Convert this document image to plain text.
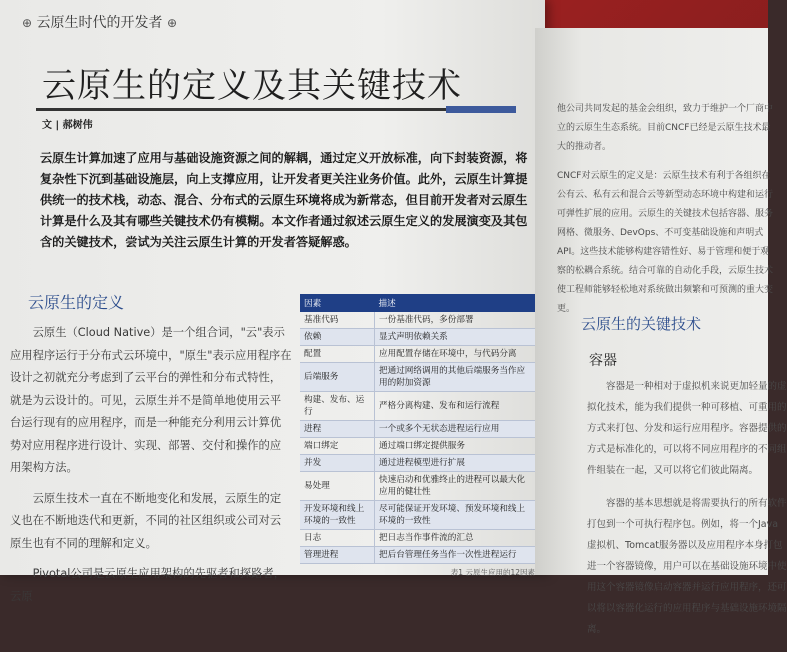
⊕ 云原生时代的开发者 ⊕
云原生的定义及其关键技术
文 | 郝树伟
云原生计算加速了应用与基础设施资源之间的解耦，通过定义开放标准，向下封装资源，将复杂性下沉到基础设施层，向上支撑应用，让开发者更关注业务价值。此外，云原生计算提供统一的技术栈，动态、混合、分布式的云原生环境将成为新常态，但目前开发者对云原生计算是什么及其有哪些关键技术仍有模糊。本文作者通过叙述云原生定义的发展演变及其包含的关键技术，尝试为关注云原生计算的开发者答疑解惑。
云原生的定义

云原生（Cloud Native）是一个组合词，"云"表示应用程序运行于分布式云环境中，"原生"表示应用程序在设计之初就充分考虑到了云平台的弹性和分布式特性，就是为云设计的。可见，云原生并不是简单地使用云平台运行现有的应用程序，而是一种能充分利用云计算优势对应用程序进行设计、实现、部署、交付和操作的应用架构方法。

云原生技术一直在不断地变化和发展，云原生的定义也在不断地迭代和更新，不同的社区组织或公司对云原生也有不同的理解和定义。

Pivotal公司是云原生应用架构的先驱者和探路者，云原

因素	描述
基准代码	一份基准代码，多份部署
依赖	显式声明依赖关系
配置	应用配置存储在环境中，与代码分离
后端服务	把通过网络调用的其他后端服务当作应用的附加资源
构建、发布、运行	严格分离构建、发布和运行流程
进程	一个或多个无状态进程运行应用
端口绑定	通过端口绑定提供服务
并发	通过进程模型进行扩展
易处理	快速启动和优雅终止的进程可以最大化应用的健壮性
开发环境和线上环境的一致性	尽可能保证开发环境、预发环境和线上环境的一致性
日志	把日志当作事件流的汇总
管理进程	把后台管理任务当作一次性进程运行
表1 云原生应用的12因素

他公司共同发起的基金会组织，致力于维护一个厂商中立的云原生生态系统。目前CNCF已经是云原生技术最大的推动者。

CNCF对云原生的定义是：云原生技术有利于各组织在公有云、私有云和混合云等新型动态环境中构建和运行可弹性扩展的应用。云原生的关键技术包括容器、服务网格、微服务、DevOps、不可变基础设施和声明式API。这些技术能够构建容错性好、易于管理和便于观察的松耦合系统。结合可靠的自动化手段，云原生技术使工程师能够轻松地对系统做出频繁和可预测的重大变更。

云原生的关键技术
容器

容器是一种相对于虚拟机来说更加轻量的虚拟化技术，能为我们提供一种可移植、可重用的方式来打包、分发和运行应用程序。容器提供的方式是标准化的，可以将不同应用程序的不同组件组装在一起，又可以将它们彼此隔离。

容器的基本思想就是将需要执行的所有软件打包到一个可执行程序包。例如，将一个Java虚拟机、Tomcat服务器以及应用程序本身打包进一个容器镜像，用户可以在基础设施环境中使用这个容器镜像启动容器并运行应用程序，还可以将以容器化运行的应用程序与基础设施环境隔离。
